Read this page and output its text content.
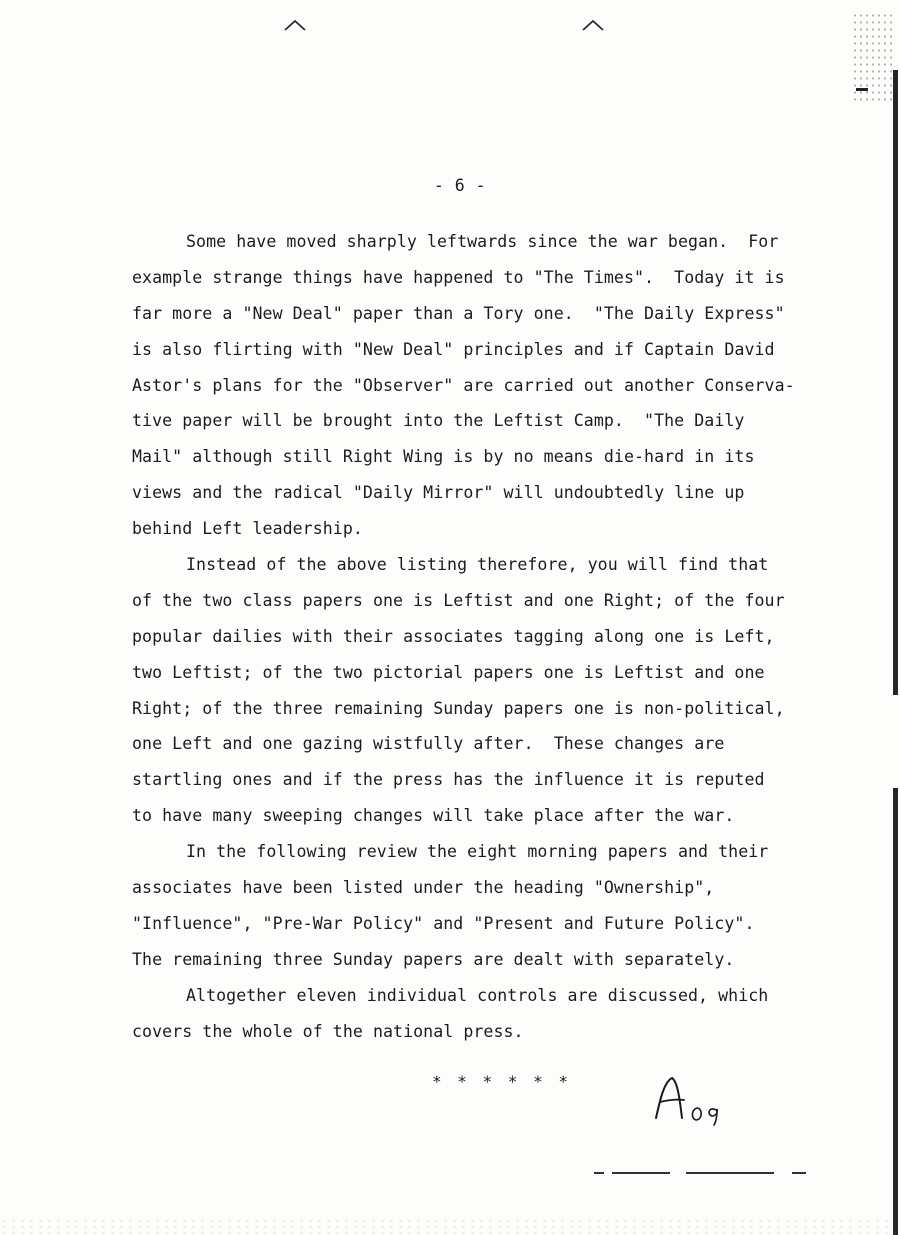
- 6 -
Some have moved sharply leftwards since the war began.  For
example strange things have happened to "The Times".  Today it is
far more a "New Deal" paper than a Tory one.  "The Daily Express"
is also flirting with "New Deal" principles and if Captain David
Astor's plans for the "Observer" are carried out another Conserva-
tive paper will be brought into the Leftist Camp.  "The Daily
Mail" although still Right Wing is by no means die-hard in its
views and the radical "Daily Mirror" will undoubtedly line up
behind Left leadership.
Instead of the above listing therefore, you will find that
of the two class papers one is Leftist and one Right; of the four
popular dailies with their associates tagging along one is Left,
two Leftist; of the two pictorial papers one is Leftist and one
Right; of the three remaining Sunday papers one is non-political,
one Left and one gazing wistfully after.  These changes are
startling ones and if the press has the influence it is reputed
to have many sweeping changes will take place after the war.
In the following review the eight morning papers and their
associates have been listed under the heading "Ownership",
"Influence", "Pre-War Policy" and "Present and Future Policy".
The remaining three Sunday papers are dealt with separately.
Altogether eleven individual controls are discussed, which
covers the whole of the national press.
* * * * * *
